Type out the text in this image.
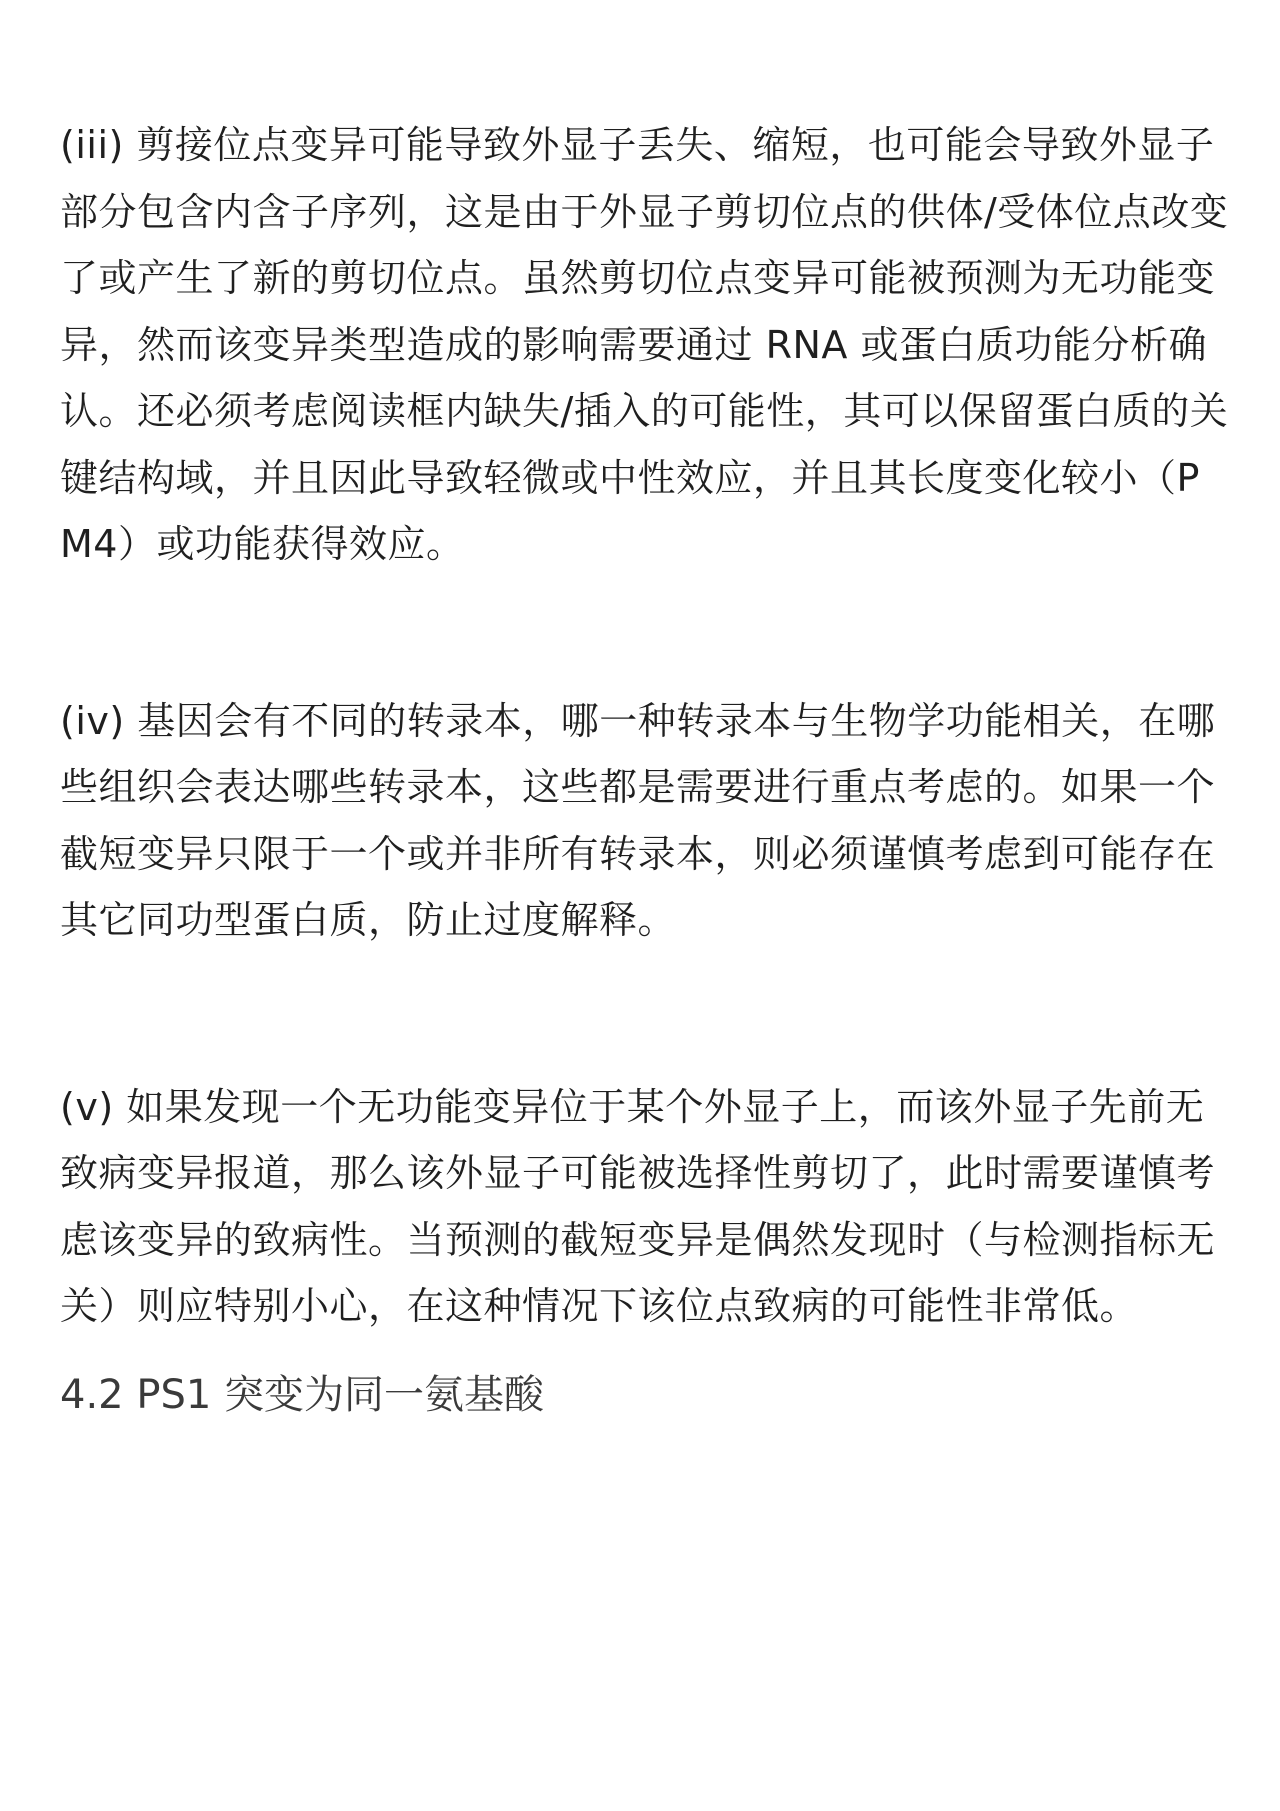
(iii) 剪接位点变异可能导致外显子丢失、缩短，也可能会导致外显子部分包含内含子序列，这是由于外显子剪切位点的供体/受体位点改变了或产生了新的剪切位点。虽然剪切位点变异可能被预测为无功能变异，然而该变异类型造成的影响需要通过 RNA 或蛋白质功能分析确认。还必须考虑阅读框内缺失/插入的可能性，其可以保留蛋白质的关键结构域，并且因此导致轻微或中性效应，并且其长度变化较小（PM4）或功能获得效应。

(iv) 基因会有不同的转录本，哪一种转录本与生物学功能相关，在哪些组织会表达哪些转录本，这些都是需要进行重点考虑的。如果一个截短变异只限于一个或并非所有转录本，则必须谨慎考虑到可能存在其它同功型蛋白质，防止过度解释。

(v) 如果发现一个无功能变异位于某个外显子上，而该外显子先前无致病变异报道，那么该外显子可能被选择性剪切了，此时需要谨慎考虑该变异的致病性。当预测的截短变异是偶然发现时（与检测指标无关）则应特别小心，在这种情况下该位点致病的可能性非常低。

4.2 PS1 突变为同一氨基酸
